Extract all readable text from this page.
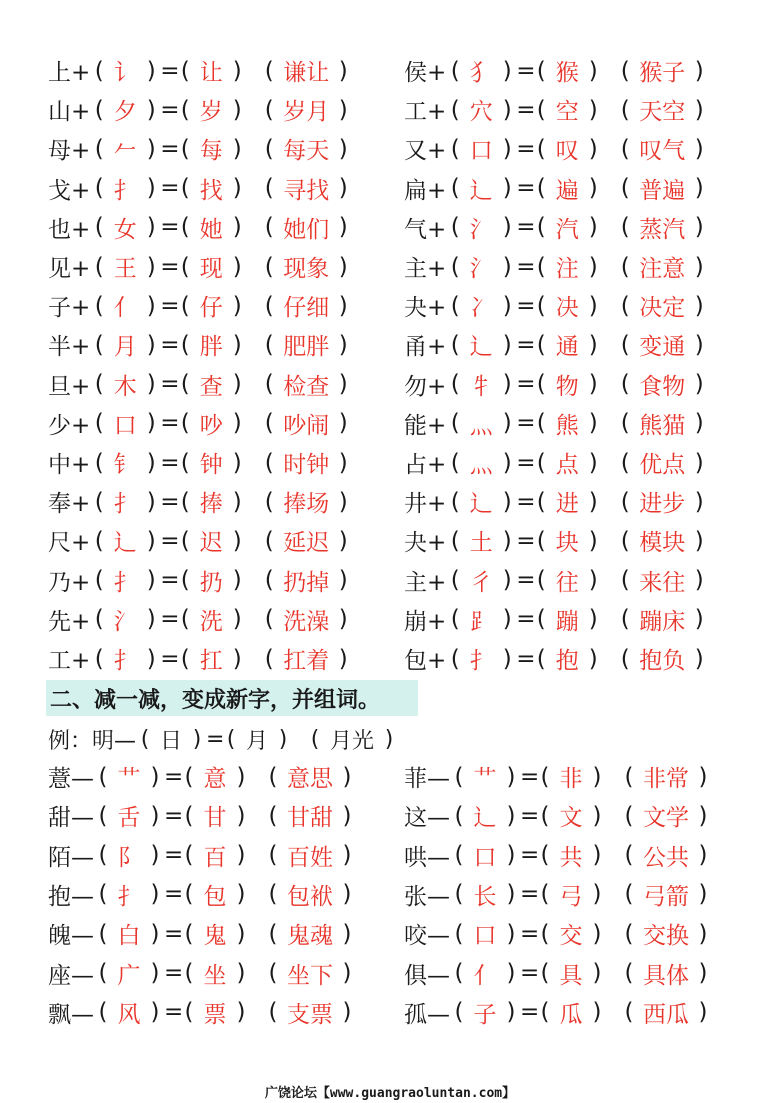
上+ ( 讠 ) = ( 让 ) ( 谦让 ) 侯+ ( 犭 ) = ( 猴 ) ( 猴子 )
山+ ( 夕 ) = ( 岁 ) ( 岁月 ) 工+ ( 穴 ) = ( 空 ) ( 天空 )
母+ ( 𠂉 ) = ( 每 ) ( 每天 ) 又+ ( 口 ) = ( 叹 ) ( 叹气 )
戈+ ( 扌 ) = ( 找 ) ( 寻找 ) 扁+ ( 辶 ) = ( 遍 ) ( 普遍 )
也+ ( 女 ) = ( 她 ) ( 她们 ) 气+ ( 氵 ) = ( 汽 ) ( 蒸汽 )
见+ ( 王 ) = ( 现 ) ( 现象 ) 主+ ( 氵 ) = ( 注 ) ( 注意 )
子+ ( 亻 ) = ( 仔 ) ( 仔细 ) 夬+ ( 冫 ) = ( 决 ) ( 决定 )
半+ ( 月 ) = ( 胖 ) ( 肥胖 ) 甬+ ( 辶 ) = ( 通 ) ( 变通 )
旦+ ( 木 ) = ( 查 ) ( 检查 ) 勿+ ( 牜 ) = ( 物 ) ( 食物 )
少+ ( 口 ) = ( 吵 ) ( 吵闹 ) 能+ ( 灬 ) = ( 熊 ) ( 熊猫 )
中+ ( 钅 ) = ( 钟 ) ( 时钟 ) 占+ ( 灬 ) = ( 点 ) ( 优点 )
奉+ ( 扌 ) = ( 捧 ) ( 捧场 ) 井+ ( 辶 ) = ( 进 ) ( 进步 )
尺+ ( 辶 ) = ( 迟 ) ( 延迟 ) 夬+ ( 土 ) = ( 块 ) ( 模块 )
乃+ ( 扌 ) = ( 扔 ) ( 扔掉 ) 主+ ( 彳 ) = ( 往 ) ( 来往 )
先+ ( 氵 ) = ( 洗 ) ( 洗澡 ) 崩+ ( ⻊ ) = ( 蹦 ) ( 蹦床 )
工+ ( 扌 ) = ( 扛 ) ( 扛着 ) 包+ ( 扌 ) = ( 抱 ) ( 抱负 )
薏— ( 艹 ) = ( 意 ) ( 意思 ) 菲— ( 艹 ) = ( 非 ) ( 非常 )
甜— ( 舌 ) = ( 甘 ) ( 甘甜 ) 这— ( 辶 ) = ( 文 ) ( 文学 )
陌— ( 阝 ) = ( 百 ) ( 百姓 ) 哄— ( 口 ) = ( 共 ) ( 公共 )
抱— ( 扌 ) = ( 包 ) ( 包袱 ) 张— ( 长 ) = ( 弓 ) ( 弓箭 )
魄— ( 白 ) = ( 鬼 ) ( 鬼魂 ) 咬— ( 口 ) = ( 交 ) ( 交换 )
座— ( 广 ) = ( 坐 ) ( 坐下 ) 俱— ( 亻 ) = ( 具 ) ( 具体 )
飘— ( 风 ) = ( 票 ) ( 支票 ) 孤— ( 子 ) = ( 瓜 ) ( 西瓜 )
二、减一减，变成新字，并组词。
例： 明— ( 日 ) = ( 月 ) ( 月光 )
广饶论坛【www.guangraoluntan.com】
